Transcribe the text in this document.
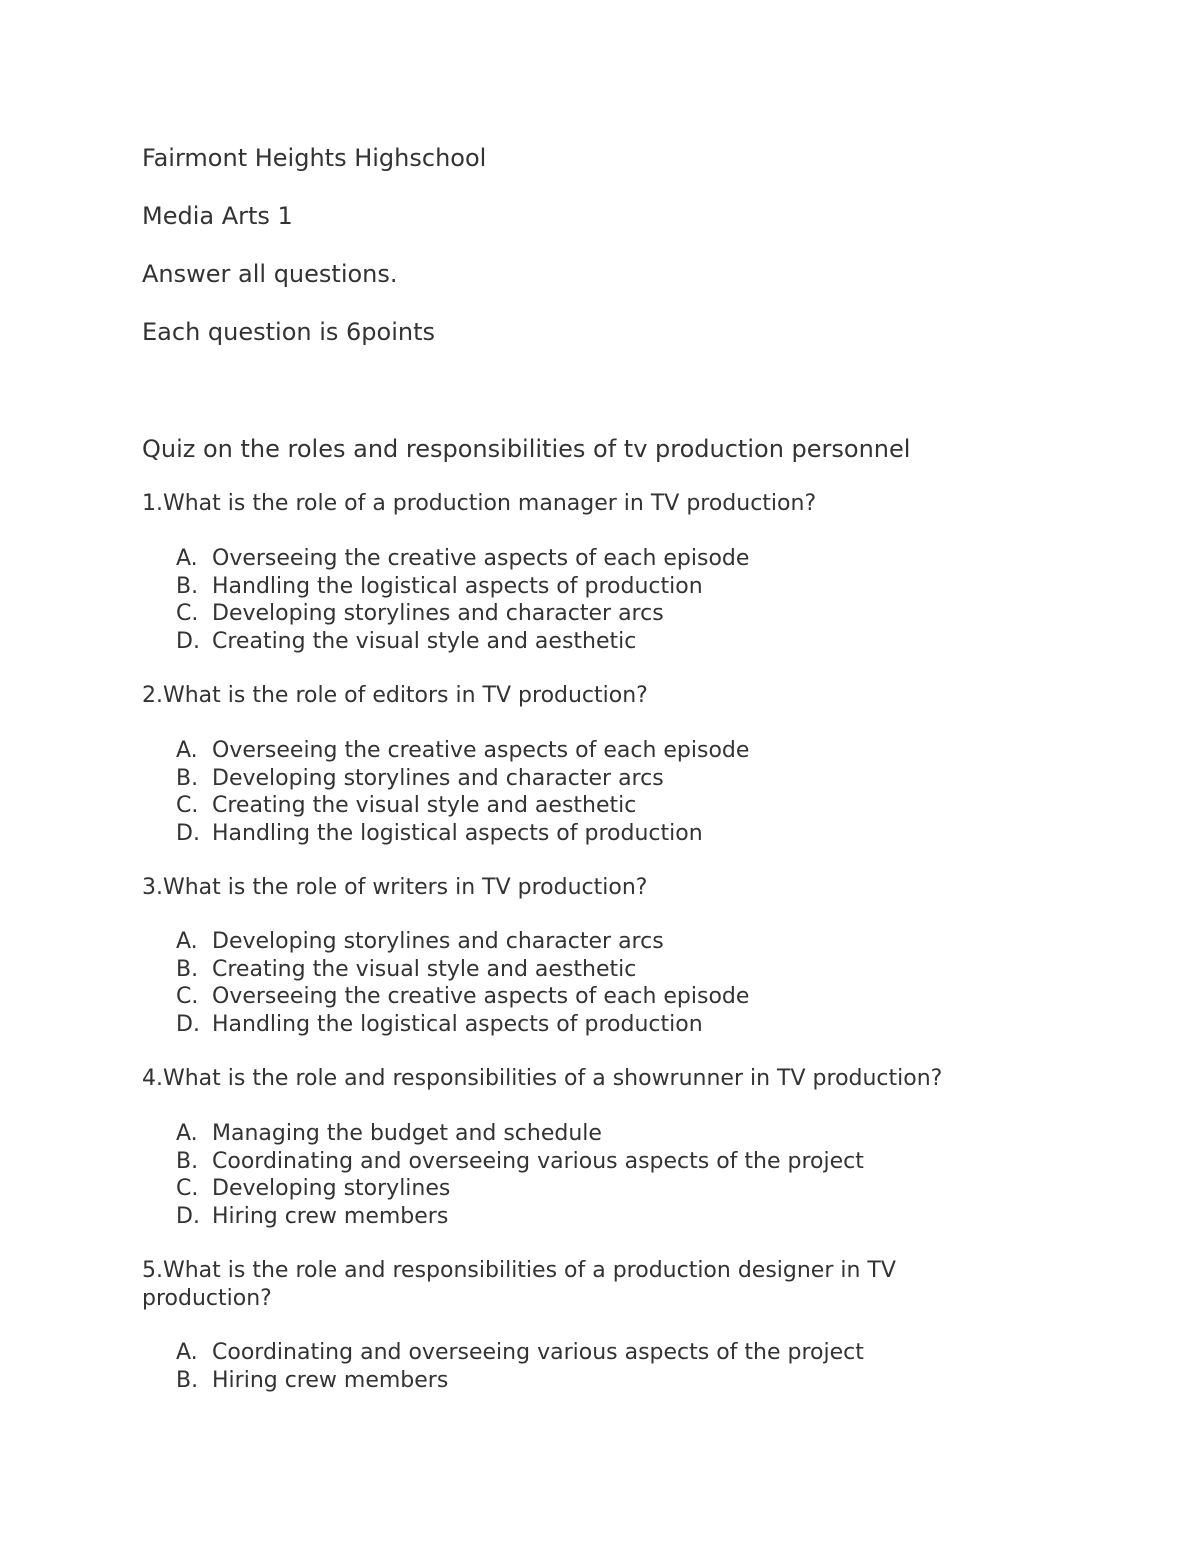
Fairmont Heights Highschool

Media Arts 1

Answer all questions.

Each question is 6points

Quiz on the roles and responsibilities of tv production personnel

1.What is the role of a production manager in TV production?

A. Overseeing the creative aspects of each episode
B. Handling the logistical aspects of production
C. Developing storylines and character arcs
D. Creating the visual style and aesthetic

2.What is the role of editors in TV production?

A. Overseeing the creative aspects of each episode
B. Developing storylines and character arcs
C. Creating the visual style and aesthetic
D. Handling the logistical aspects of production

3.What is the role of writers in TV production?

A. Developing storylines and character arcs
B. Creating the visual style and aesthetic
C. Overseeing the creative aspects of each episode
D. Handling the logistical aspects of production

4.What is the role and responsibilities of a showrunner in TV production?

A. Managing the budget and schedule
B. Coordinating and overseeing various aspects of the project
C. Developing storylines
D. Hiring crew members

5.What is the role and responsibilities of a production designer in TV production?

A. Coordinating and overseeing various aspects of the project
B. Hiring crew members
